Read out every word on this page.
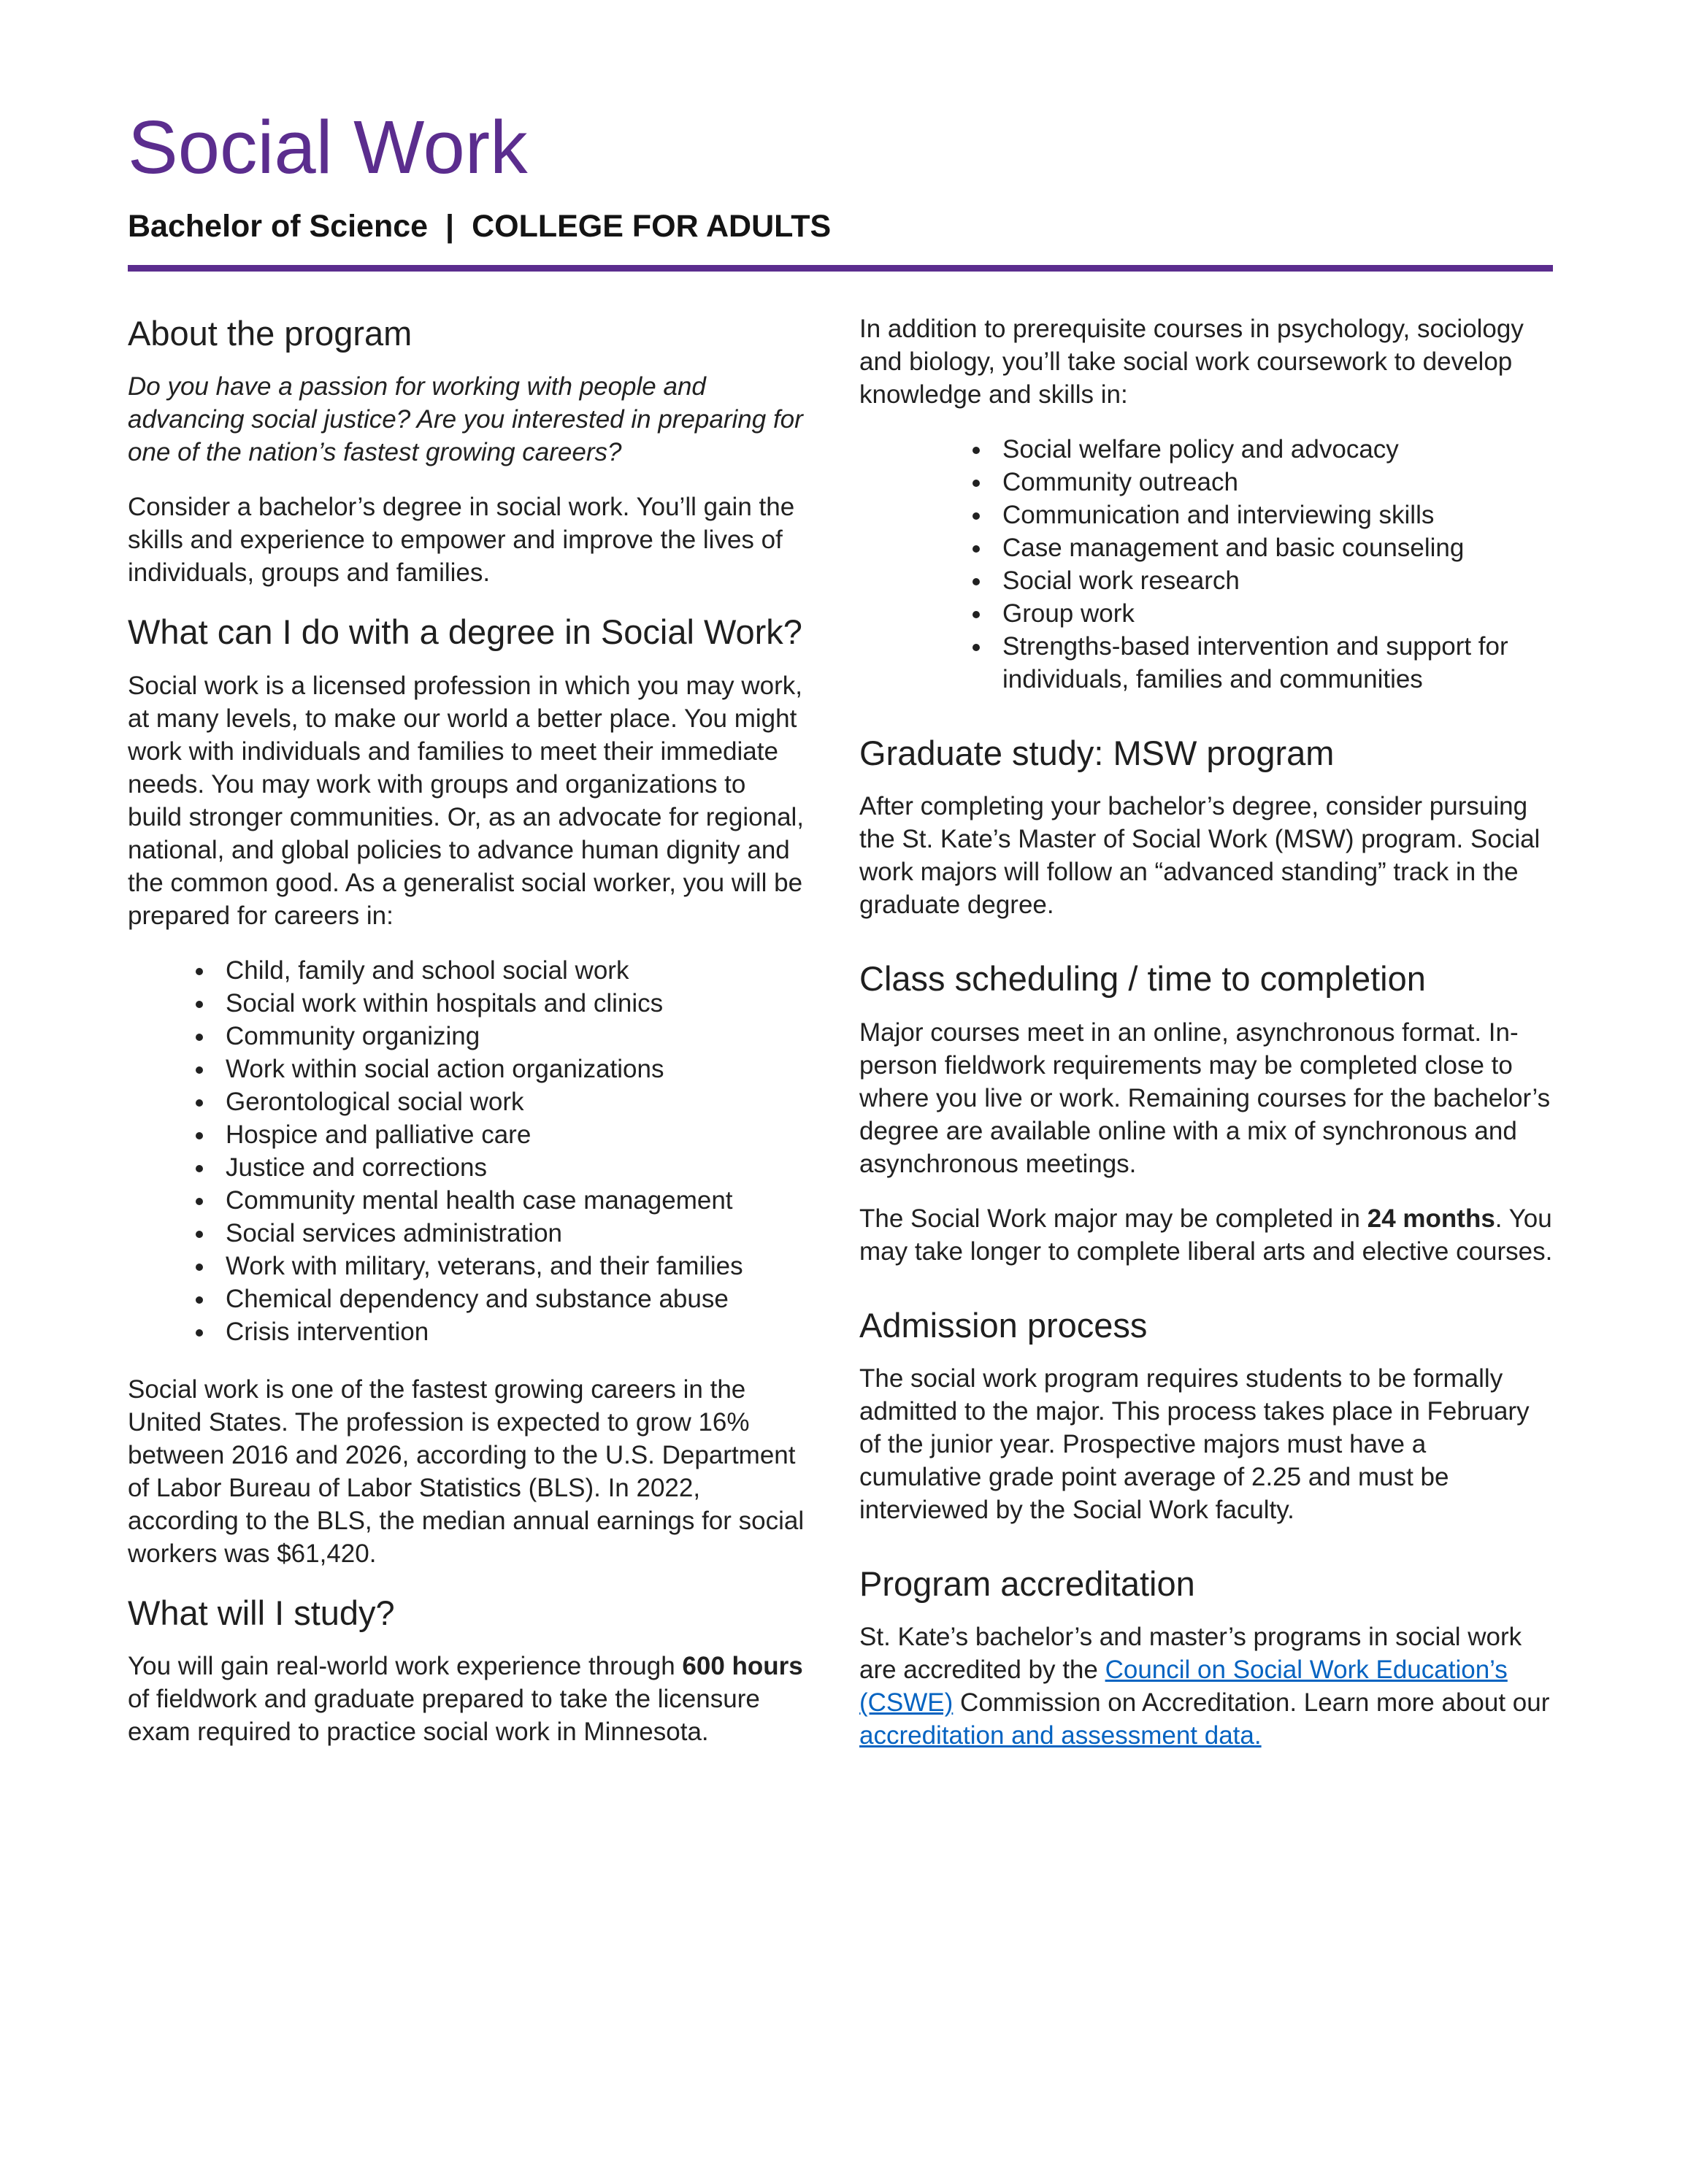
Social Work
Bachelor of Science | COLLEGE FOR ADULTS
About the program

Do you have a passion for working with people and advancing social justice? Are you interested in preparing for one of the nation’s fastest growing careers?

Consider a bachelor’s degree in social work. You’ll gain the skills and experience to empower and improve the lives of individuals, groups and families.

What can I do with a degree in Social Work?

Social work is a licensed profession in which you may work, at many levels, to make our world a better place. You might work with individuals and families to meet their immediate needs. You may work with groups and organizations to build stronger communities. Or, as an advocate for regional, national, and global policies to advance human dignity and the common good. As a generalist social worker, you will be prepared for careers in:

• Child, family and school social work
• Social work within hospitals and clinics
• Community organizing
• Work within social action organizations
• Gerontological social work
• Hospice and palliative care
• Justice and corrections
• Community mental health case management
• Social services administration
• Work with military, veterans, and their families
• Chemical dependency and substance abuse
• Crisis intervention

Social work is one of the fastest growing careers in the United States. The profession is expected to grow 16% between 2016 and 2026, according to the U.S. Department of Labor Bureau of Labor Statistics (BLS). In 2022, according to the BLS, the median annual earnings for social workers was $61,420.

What will I study?

You will gain real-world work experience through 600 hours of fieldwork and graduate prepared to take the licensure exam required to practice social work in Minnesota.

In addition to prerequisite courses in psychology, sociology and biology, you’ll take social work coursework to develop knowledge and skills in:

• Social welfare policy and advocacy
• Community outreach
• Communication and interviewing skills
• Case management and basic counseling
• Social work research
• Group work
• Strengths-based intervention and support for individuals, families and communities
Graduate study: MSW program

After completing your bachelor’s degree, consider pursuing the St. Kate’s Master of Social Work (MSW) program. Social work majors will follow an “advanced standing” track in the graduate degree.

Class scheduling / time to completion

Major courses meet in an online, asynchronous format. In-person fieldwork requirements may be completed close to where you live or work. Remaining courses for the bachelor’s degree are available online with a mix of synchronous and asynchronous meetings.

The Social Work major may be completed in 24 months. You may take longer to complete liberal arts and elective courses.

Admission process

The social work program requires students to be formally admitted to the major. This process takes place in February of the junior year. Prospective majors must have a cumulative grade point average of 2.25 and must be interviewed by the Social Work faculty.

Program accreditation

St. Kate’s bachelor’s and master’s programs in social work are accredited by the Council on Social Work Education’s (CSWE) Commission on Accreditation. Learn more about our accreditation and assessment data.
